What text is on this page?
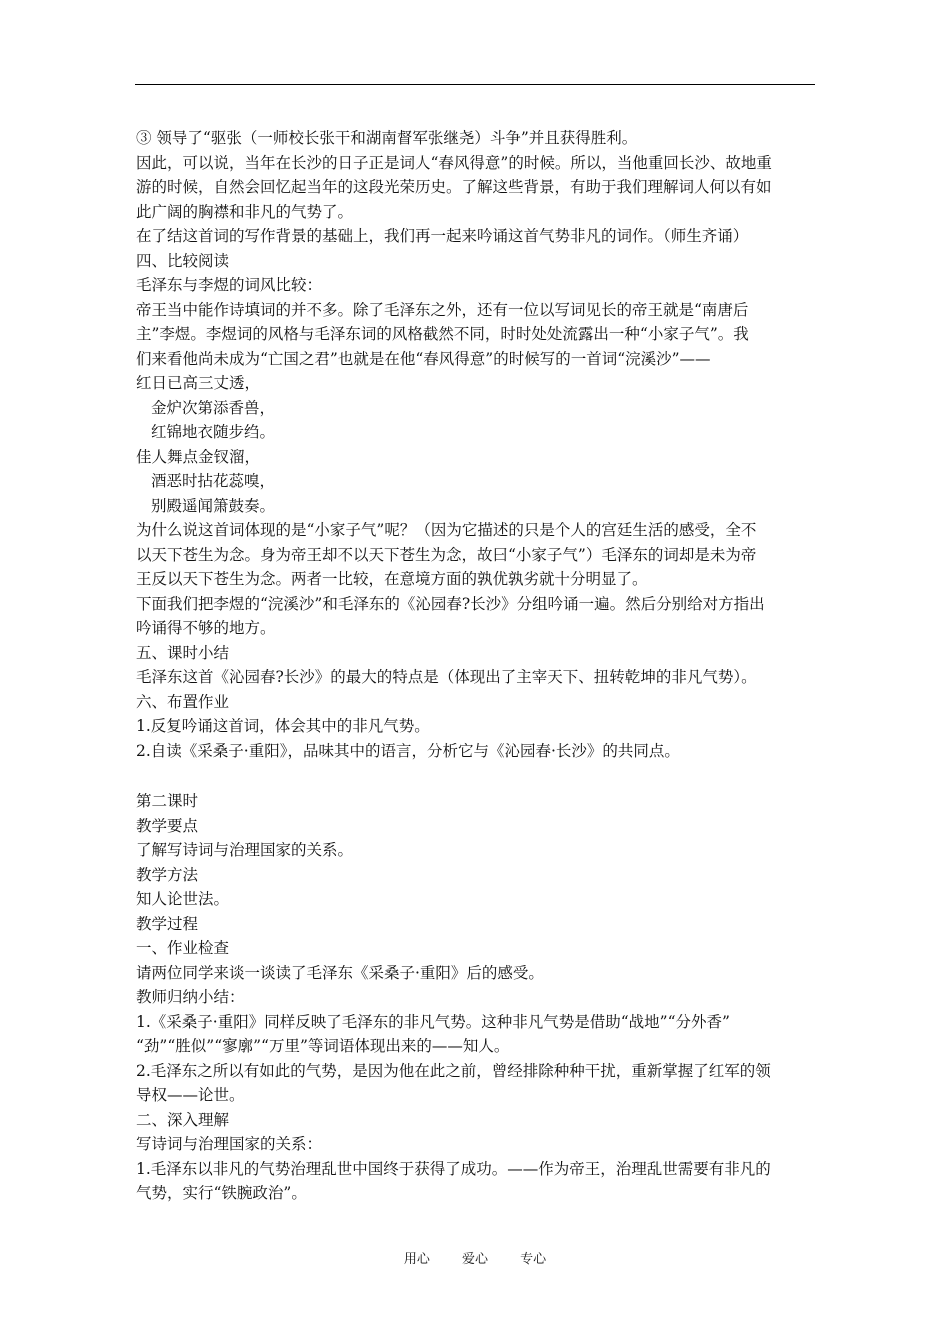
③ 领导了“驱张（一师校长张干和湖南督军张继尧）斗争”并且获得胜利。

因此，可以说，当年在长沙的日子正是词人“春风得意”的时候。所以，当他重回长沙、故地重

游的时候，自然会回忆起当年的这段光荣历史。了解这些背景，有助于我们理解词人何以有如

此广阔的胸襟和非凡的气势了。

在了结这首词的写作背景的基础上，我们再一起来吟诵这首气势非凡的词作。（师生齐诵）

四、比较阅读

毛泽东与李煜的词风比较：

帝王当中能作诗填词的并不多。除了毛泽东之外，还有一位以写词见长的帝王就是“南唐后

主”李煜。李煜词的风格与毛泽东词的风格截然不同，时时处处流露出一种“小家子气”。我

们来看他尚未成为“亡国之君”也就是在他“春风得意”的时候写的一首词“浣溪沙”——

红日已高三丈透，

金炉次第添香兽，

红锦地衣随步绉。

佳人舞点金钗溜，

酒恶时拈花蕊嗅，

别殿遥闻箫鼓奏。

为什么说这首词体现的是“小家子气”呢？（因为它描述的只是个人的宫廷生活的感受，全不

以天下苍生为念。身为帝王却不以天下苍生为念，故曰“小家子气”）毛泽东的词却是未为帝

王反以天下苍生为念。两者一比较，在意境方面的孰优孰劣就十分明显了。

下面我们把李煜的“浣溪沙”和毛泽东的《沁园春?长沙》分组吟诵一遍。然后分别给对方指出

吟诵得不够的地方。

五、课时小结

毛泽东这首《沁园春?长沙》的最大的特点是（体现出了主宰天下、扭转乾坤的非凡气势）。

六、布置作业

1.反复吟诵这首词，体会其中的非凡气势。

2.自读《采桑子·重阳》，品味其中的语言，分析它与《沁园春·长沙》的共同点。

第二课时

教学要点

了解写诗词与治理国家的关系。

教学方法

知人论世法。

教学过程

一、作业检查

请两位同学来谈一谈读了毛泽东《采桑子·重阳》后的感受。

教师归纳小结：

1.《采桑子·重阳》同样反映了毛泽东的非凡气势。这种非凡气势是借助“战地”“分外香”

“劲”“胜似”“寥廓”“万里”等词语体现出来的——知人。

2.毛泽东之所以有如此的气势，是因为他在此之前，曾经排除种种干扰，重新掌握了红军的领

导权——论世。

二、深入理解

写诗词与治理国家的关系：

1.毛泽东以非凡的气势治理乱世中国终于获得了成功。——作为帝王，治理乱世需要有非凡的

气势，实行“铁腕政治”。

用心 爱心 专心
